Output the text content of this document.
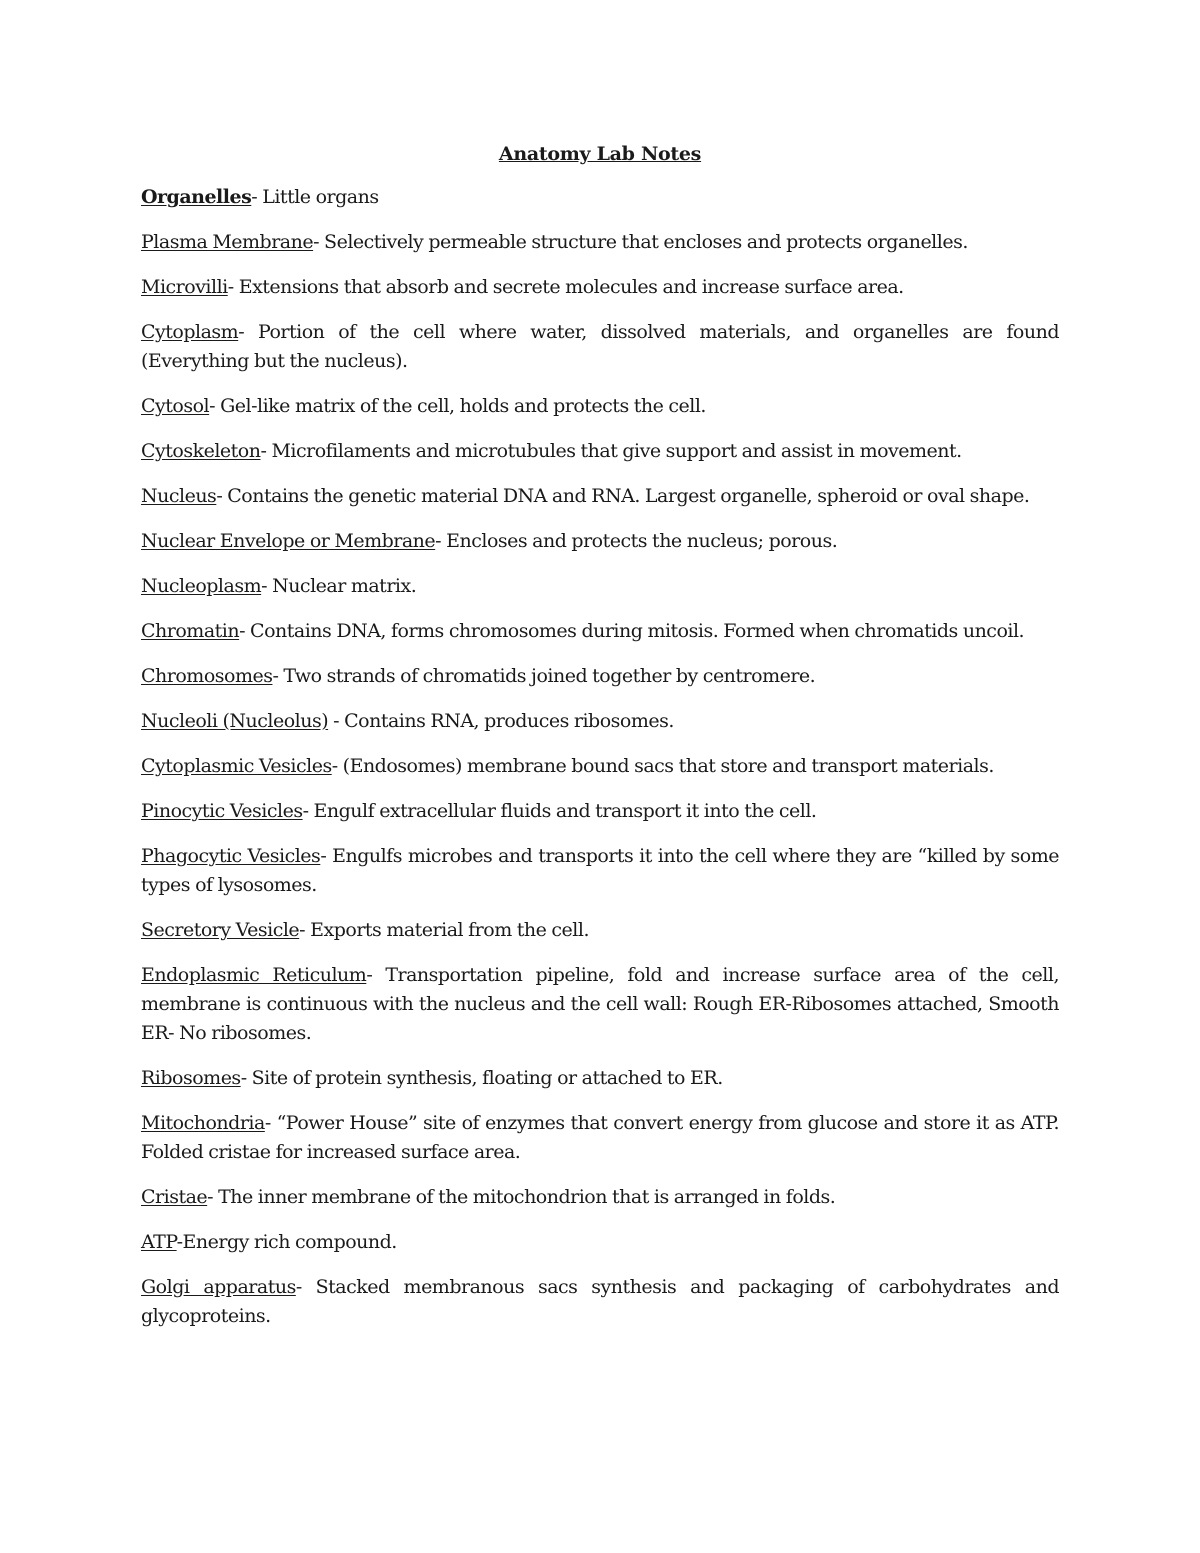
Anatomy Lab Notes

Organelles- Little organs

Plasma Membrane- Selectively permeable structure that encloses and protects organelles.

Microvilli- Extensions that absorb and secrete molecules and increase surface area.

Cytoplasm- Portion of the cell where water, dissolved materials, and organelles are found (Everything but the nucleus).

Cytosol- Gel-like matrix of the cell, holds and protects the cell.

Cytoskeleton- Microfilaments and microtubules that give support and assist in movement.

Nucleus- Contains the genetic material DNA and RNA. Largest organelle, spheroid or oval shape.

Nuclear Envelope or Membrane- Encloses and protects the nucleus; porous.

Nucleoplasm- Nuclear matrix.

Chromatin- Contains DNA, forms chromosomes during mitosis. Formed when chromatids uncoil.

Chromosomes- Two strands of chromatids joined together by centromere.

Nucleoli (Nucleolus) - Contains RNA, produces ribosomes.

Cytoplasmic Vesicles- (Endosomes) membrane bound sacs that store and transport materials.

Pinocytic Vesicles- Engulf extracellular fluids and transport it into the cell.

Phagocytic Vesicles- Engulfs microbes and transports it into the cell where they are “killed by some types of lysosomes.

Secretory Vesicle- Exports material from the cell.

Endoplasmic Reticulum- Transportation pipeline, fold and increase surface area of the cell, membrane is continuous with the nucleus and the cell wall: Rough ER-Ribosomes attached, Smooth ER- No ribosomes.

Ribosomes- Site of protein synthesis, floating or attached to ER.

Mitochondria- “Power House” site of enzymes that convert energy from glucose and store it as ATP. Folded cristae for increased surface area.

Cristae- The inner membrane of the mitochondrion that is arranged in folds.

ATP-Energy rich compound.

Golgi apparatus- Stacked membranous sacs synthesis and packaging of carbohydrates and glycoproteins.
